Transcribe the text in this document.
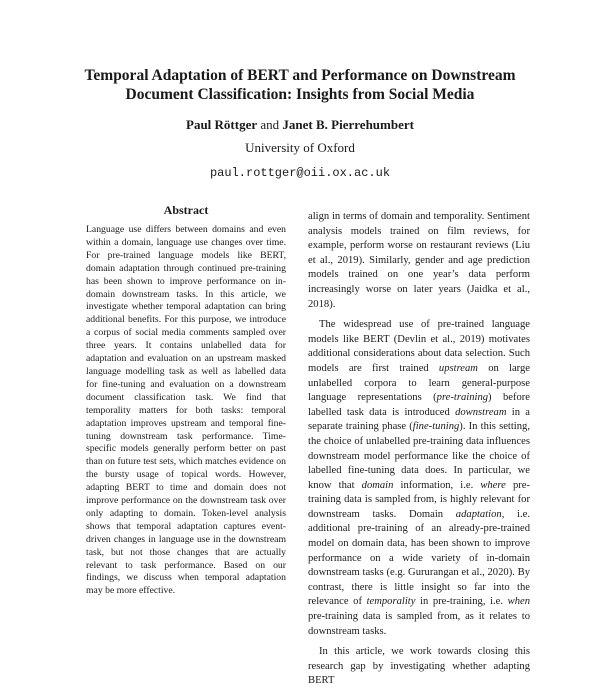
Temporal Adaptation of BERT and Performance on Downstream Document Classification: Insights from Social Media
Paul Röttger and Janet B. Pierrehumbert
University of Oxford
paul.rottger@oii.ox.ac.uk
Abstract
Language use differs between domains and even within a domain, language use changes over time. For pre-trained language models like BERT, domain adaptation through continued pre-training has been shown to improve performance on in-domain downstream tasks. In this article, we investigate whether temporal adaptation can bring additional benefits. For this purpose, we introduce a corpus of social media comments sampled over three years. It contains unlabelled data for adaptation and evaluation on an upstream masked language modelling task as well as labelled data for fine-tuning and evaluation on a downstream document classification task. We find that temporality matters for both tasks: temporal adaptation improves upstream and temporal fine-tuning downstream task performance. Time-specific models generally perform better on past than on future test sets, which matches evidence on the bursty usage of topical words. However, adapting BERT to time and domain does not improve performance on the downstream task over only adapting to domain. Token-level analysis shows that temporal adaptation captures event-driven changes in language use in the downstream task, but not those changes that are actually relevant to task performance. Based on our findings, we discuss when temporal adaptation may be more effective.

align in terms of domain and temporality. Sentiment analysis models trained on film reviews, for example, perform worse on restaurant reviews (Liu et al., 2019). Similarly, gender and age prediction models trained on one year’s data perform increasingly worse on later years (Jaidka et al., 2018).

The widespread use of pre-trained language models like BERT (Devlin et al., 2019) motivates additional considerations about data selection. Such models are first trained upstream on large unlabelled corpora to learn general-purpose language representations (pre-training) before labelled task data is introduced downstream in a separate training phase (fine-tuning). In this setting, the choice of unlabelled pre-training data influences downstream model performance like the choice of labelled fine-tuning data does. In particular, we know that domain information, i.e. where pre-training data is sampled from, is highly relevant for downstream tasks. Domain adaptation, i.e. additional pre-training of an already-pre-trained model on domain data, has been shown to improve performance on a wide variety of in-domain downstream tasks (e.g. Gururangan et al., 2020). By contrast, there is little insight so far into the relevance of temporality in pre-training, i.e. when pre-training data is sampled from, as it relates to downstream tasks.

In this article, we work towards closing this research gap by investigating whether adapting BERT
